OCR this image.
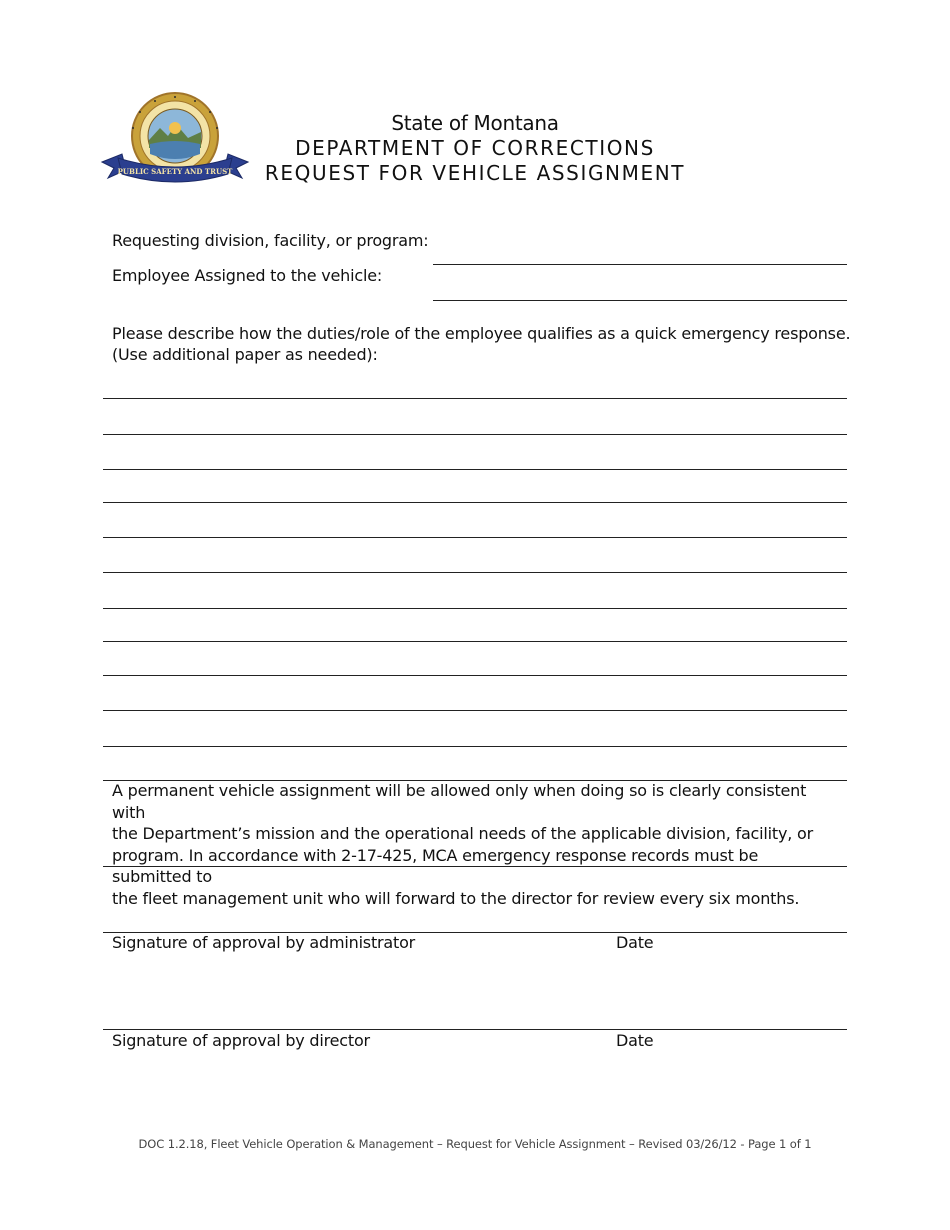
PUBLIC SAFETY AND TRUST
State of Montana
DEPARTMENT OF CORRECTIONS
REQUEST FOR VEHICLE ASSIGNMENT
Requesting division, facility, or program:
Employee Assigned to the vehicle:
Please describe how the duties/role of the employee qualifies as a quick emergency response.
(Use additional paper as needed):
A permanent vehicle assignment will be allowed only when doing so is clearly consistent with
the Department’s mission and the operational needs of the applicable division, facility, or
program. In accordance with 2-17-425, MCA emergency response records must be submitted to
the fleet management unit who will forward to the director for review every six months.
Signature of approval by administrator	Date
Signature of approval by director	Date
DOC 1.2.18, Fleet Vehicle Operation & Management – Request for Vehicle Assignment – Revised 03/26/12 - Page 1 of 1
